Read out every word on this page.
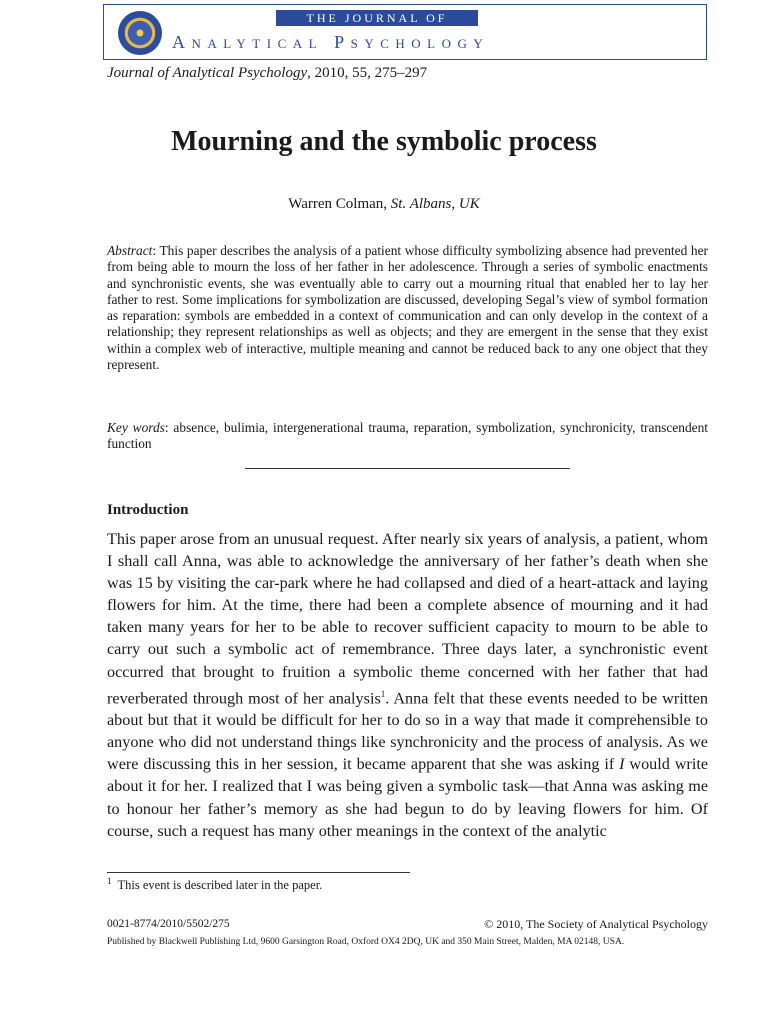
THE JOURNAL OF
Analytical Psychology
Journal of Analytical Psychology, 2010, 55, 275–297
Mourning and the symbolic process
Warren Colman, St. Albans, UK
Abstract: This paper describes the analysis of a patient whose difficulty symbolizing absence had prevented her from being able to mourn the loss of her father in her adolescence. Through a series of symbolic enactments and synchronistic events, she was eventually able to carry out a mourning ritual that enabled her to lay her father to rest. Some implications for symbolization are discussed, developing Segal’s view of symbol formation as reparation: symbols are embedded in a context of communication and can only develop in the context of a relationship; they represent relationships as well as objects; and they are emergent in the sense that they exist within a complex web of interactive, multiple meaning and cannot be reduced back to any one object that they represent.
Key words: absence, bulimia, intergenerational trauma, reparation, symbolization, synchronicity, transcendent function
Introduction
This paper arose from an unusual request. After nearly six years of analysis, a patient, whom I shall call Anna, was able to acknowledge the anniversary of her father’s death when she was 15 by visiting the car-park where he had collapsed and died of a heart-attack and laying flowers for him. At the time, there had been a complete absence of mourning and it had taken many years for her to be able to recover sufficient capacity to mourn to be able to carry out such a symbolic act of remembrance. Three days later, a synchronistic event occurred that brought to fruition a symbolic theme concerned with her father that had reverberated through most of her analysis$^1$. Anna felt that these events needed to be written about but that it would be difficult for her to do so in a way that made it comprehensible to anyone who did not understand things like synchronicity and the process of analysis. As we were discussing this in her session, it became apparent that she was asking if I would write about it for her. I realized that I was being given a symbolic task—that Anna was asking me to honour her father’s memory as she had begun to do by leaving flowers for him. Of course, such a request has many other meanings in the context of the analytic
$^1$ This event is described later in the paper.
0021-8774/2010/5502/275	© 2010, The Society of Analytical Psychology
Published by Blackwell Publishing Ltd, 9600 Garsington Road, Oxford OX4 2DQ, UK and 350 Main Street, Malden, MA 02148, USA.
